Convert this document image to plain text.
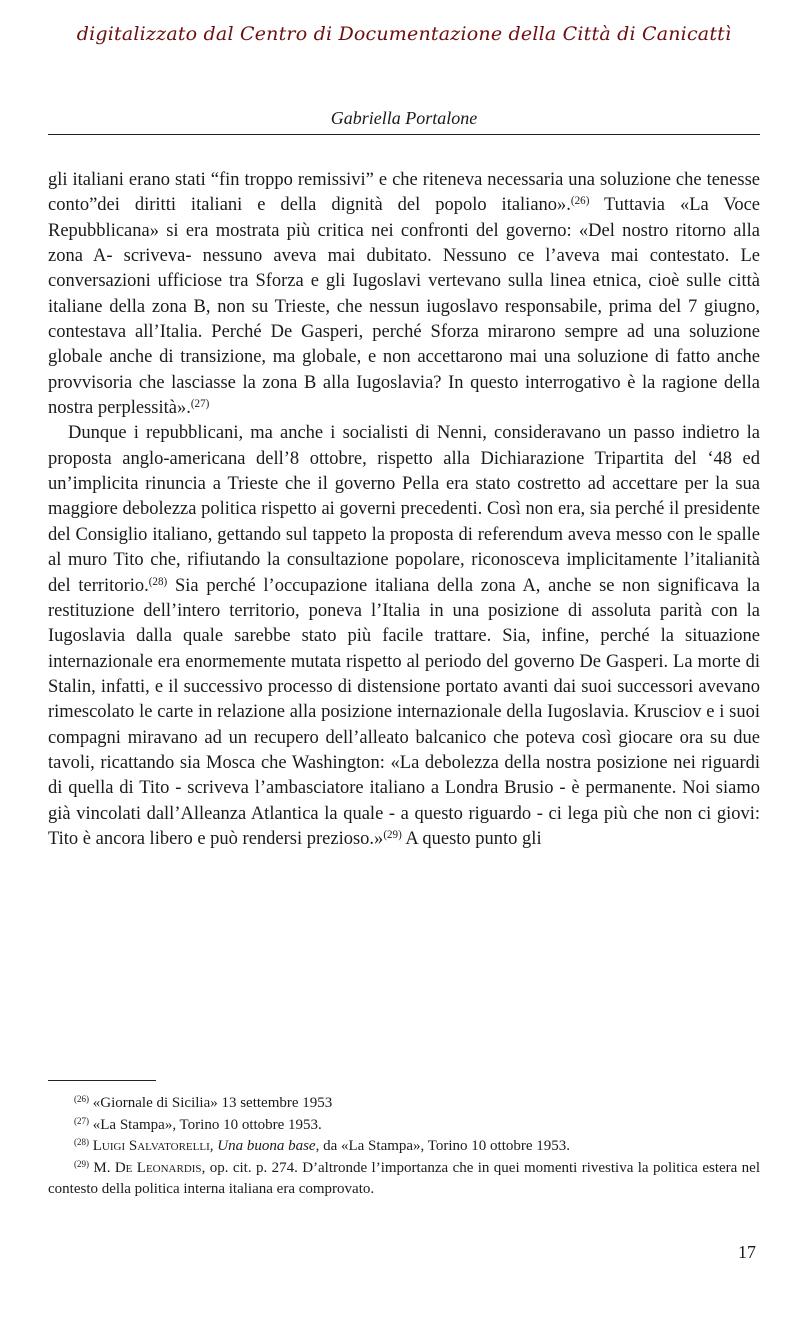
digitalizzato dal Centro di Documentazione della Città di Canicattì
Gabriella Portalone

gli italiani erano stati “fin troppo remissivi” e che riteneva necessaria una soluzione che tenesse conto”dei diritti italiani e della dignità del popolo italiano».$^{(26)}$ Tuttavia «La Voce Repubblicana» si era mostrata più critica nei confronti del governo: «Del nostro ritorno alla zona A- scriveva- nessuno aveva mai dubitato. Nessuno ce l’aveva mai contestato. Le conversazioni ufficiose tra Sforza e gli Iugoslavi vertevano sulla linea etnica, cioè sulle città italiane della zona B, non su Trieste, che nessun iugoslavo responsabile, prima del 7 giugno, contestava all’Italia. Perché De Gasperi, perché Sforza mirarono sempre ad una soluzione globale anche di transizione, ma globale, e non accettarono mai una soluzione di fatto anche provvisoria che lasciasse la zona B alla Iugoslavia? In questo interrogativo è la ragione della nostra perplessità».$^{(27)}$

Dunque i repubblicani, ma anche i socialisti di Nenni, consideravano un passo indietro la proposta anglo-americana dell’8 ottobre, rispetto alla Dichiarazione Tripartita del ‘48 ed un’implicita rinuncia a Trieste che il governo Pella era stato costretto ad accettare per la sua maggiore debolezza politica rispetto ai governi precedenti. Così non era, sia perché il presidente del Consiglio italiano, gettando sul tappeto la proposta di referendum aveva messo con le spalle al muro Tito che, rifiutando la consultazione popolare, riconosceva implicitamente l’italianità del territorio.$^{(28)}$ Sia perché l’occupazione italiana della zona A, anche se non significava la restituzione dell’intero territorio, poneva l’Italia in una posizione di assoluta parità con la Iugoslavia dalla quale sarebbe stato più facile trattare. Sia, infine, perché la situazione internazionale era enormemente mutata rispetto al periodo del governo De Gasperi. La morte di Stalin, infatti, e il successivo processo di distensione portato avanti dai suoi successori avevano rimescolato le carte in relazione alla posizione internazionale della Iugoslavia. Krusciov e i suoi compagni miravano ad un recupero dell’alleato balcanico che poteva così giocare ora su due tavoli, ricattando sia Mosca che Washington: «La debolezza della nostra posizione nei riguardi di quella di Tito - scriveva l’ambasciatore italiano a Londra Brusio - è permanente. Noi siamo già vincolati dall’Alleanza Atlantica la quale - a questo riguardo - ci lega più che non ci giovi: Tito è ancora libero e può rendersi prezioso.»$^{(29)}$ A questo punto gli

$^{(26)}$ «Giornale di Sicilia» 13 settembre 1953

$^{(27)}$ «La Stampa», Torino 10 ottobre 1953.

$^{(28)}$ Luigi Salvatorelli, Una buona base, da «La Stampa», Torino 10 ottobre 1953.

$^{(29)}$ M. De Leonardis, op. cit. p. 274. D’altronde l’importanza che in quei momenti rivestiva la politica estera nel contesto della politica interna italiana era comprovato.

17
